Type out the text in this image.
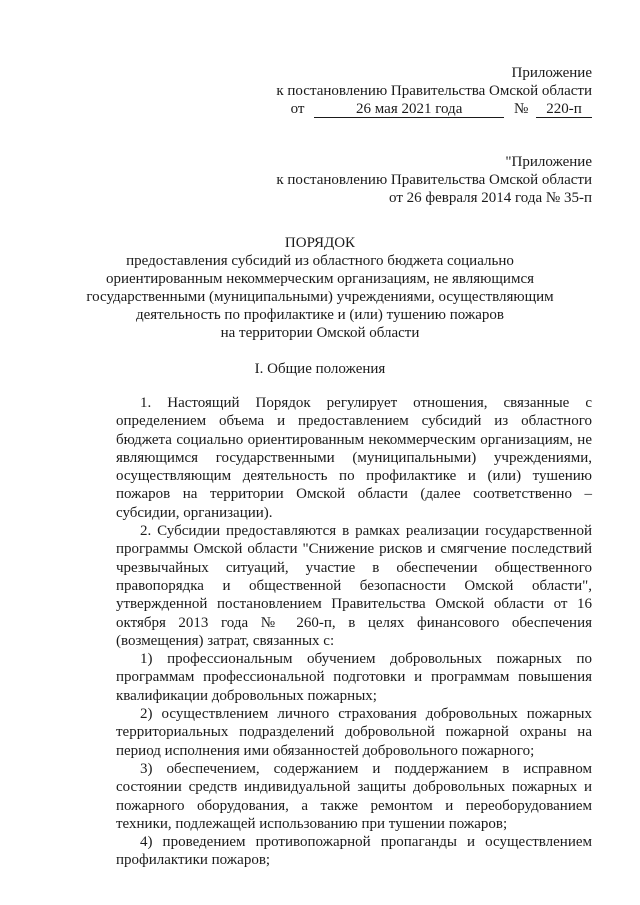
Приложение
к постановлению Правительства Омской области
от	26 мая 2021 года	№ 220-п
"Приложение
к постановлению Правительства Омской области
от 26 февраля 2014 года № 35-п
ПОРЯДОК
предоставления субсидий из областного бюджета социально
ориентированным некоммерческим организациям, не являющимся
государственными (муниципальными) учреждениями, осуществляющим
деятельность по профилактике и (или) тушению пожаров
на территории Омской области
I. Общие положения

1. Настоящий Порядок регулирует отношения, связанные с определением объема и предоставлением субсидий из областного бюджета социально ориентированным некоммерческим организациям, не являющимся государственными (муниципальными) учреждениями, осуществляющим деятельность по профилактике и (или) тушению пожаров на территории Омской области (далее соответственно – субсидии, организации).

2. Субсидии предоставляются в рамках реализации государственной программы Омской области "Снижение рисков и смягчение последствий чрезвычайных ситуаций, участие в обеспечении общественного правопорядка и общественной безопасности Омской области", утвержденной постановлением Правительства Омской области от 16 октября 2013 года № 260-п, в целях финансового обеспечения (возмещения) затрат, связанных с:

1) профессиональным обучением добровольных пожарных по программам профессиональной подготовки и программам повышения квалификации добровольных пожарных;

2) осуществлением личного страхования добровольных пожарных территориальных подразделений добровольной пожарной охраны на период исполнения ими обязанностей добровольного пожарного;

3) обеспечением, содержанием и поддержанием в исправном состоянии средств индивидуальной защиты добровольных пожарных и пожарного оборудования, а также ремонтом и переоборудованием техники, подлежащей использованию при тушении пожаров;

4) проведением противопожарной пропаганды и осуществлением профилактики пожаров;
